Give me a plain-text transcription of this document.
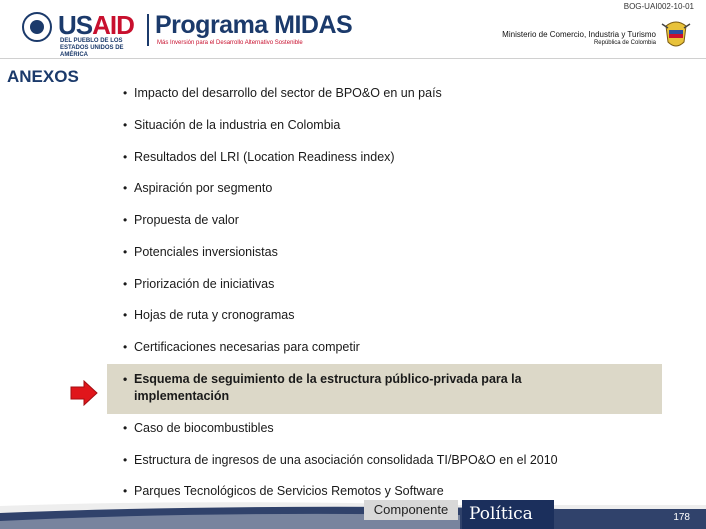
BOG-UAI002-10-01
USAID
DEL PUEBLO DE LOS ESTADOS UNIDOS DE AMÉRICA
Programa MIDAS
Más Inversión para el Desarrollo Alternativo Sostenible
Ministerio de Comercio, Industria y Turismo
República de Colombia
ANEXOS
• Impacto del desarrollo del sector de BPO&O en un país
• Situación de la industria en Colombia
• Resultados del LRI (Location Readiness index)
• Aspiración por segmento
• Propuesta de valor
• Potenciales inversionistas
• Priorización de iniciativas
• Hojas de ruta y cronogramas
• Certificaciones necesarias para competir
• Esquema de seguimiento de la estructura público-privada para la implementación
• Caso de biocombustibles
• Estructura de ingresos de una asociación consolidada TI/BPO&O en el 2010
• Parques Tecnológicos de Servicios Remotos y Software
Componente	Política	178
